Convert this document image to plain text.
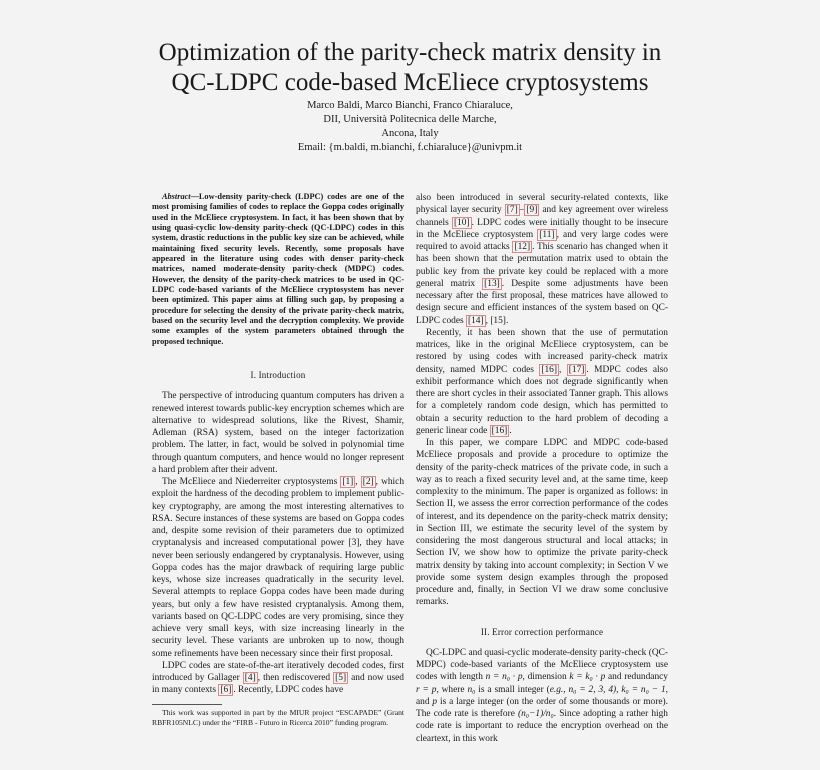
Optimization of the parity-check matrix density in
QC-LDPC code-based McEliece cryptosystems
Marco Baldi, Marco Bianchi, Franco Chiaraluce,
DII, Università Politecnica delle Marche,
Ancona, Italy
Email: {m.baldi, m.bianchi, f.chiaraluce}@univpm.it

Abstract—Low-density parity-check (LDPC) codes are one of the most promising families of codes to replace the Goppa codes originally used in the McEliece cryptosystem. In fact, it has been shown that by using quasi-cyclic low-density parity-check (QC-LDPC) codes in this system, drastic reductions in the public key size can be achieved, while maintaining fixed security levels. Recently, some proposals have appeared in the literature using codes with denser parity-check matrices, named moderate-density parity-check (MDPC) codes. However, the density of the parity-check matrices to be used in QC-LDPC code-based variants of the McEliece cryptosystem has never been optimized. This paper aims at filling such gap, by proposing a procedure for selecting the density of the private parity-check matrix, based on the security level and the decryption complexity. We provide some examples of the system parameters obtained through the proposed technique.

I. Introduction

The perspective of introducing quantum computers has driven a renewed interest towards public-key encryption schemes which are alternative to widespread solutions, like the Rivest, Shamir, Adleman (RSA) system, based on the integer factorization problem. The latter, in fact, would be solved in polynomial time through quantum computers, and hence would no longer represent a hard problem after their advent.

The McEliece and Niederreiter cryptosystems [1] , [2] , which exploit the hardness of the decoding problem to implement public-key cryptography, are among the most interesting alternatives to RSA. Secure instances of these systems are based on Goppa codes and, despite some revision of their parameters due to optimized cryptanalysis and increased computational power [3], they have never been seriously endangered by cryptanalysis. However, using Goppa codes has the major drawback of requiring large public keys, whose size increases quadratically in the security level. Several attempts to replace Goppa codes have been made during years, but only a few have resisted cryptanalysis. Among them, variants based on QC-LDPC codes are very promising, since they achieve very small keys, with size increasing linearly in the security level. These variants are unbroken up to now, though some refinements have been necessary since their first proposal.

LDPC codes are state-of-the-art iteratively decoded codes, first introduced by Gallager [4] , then rediscovered [5] and now used in many contexts [6] . Recently, LDPC codes have

This work was supported in part by the MIUR project “ESCAPADE” (Grant RBFR105NLC) under the “FIRB - Futuro in Ricerca 2010” funding program.

also been introduced in several security-related contexts, like physical layer security [7] – [9] and key agreement over wireless channels [10] . LDPC codes were initially thought to be insecure in the McEliece cryptosystem [11] , and very large codes were required to avoid attacks [12] . This scenario has changed when it has been shown that the permutation matrix used to obtain the public key from the private key could be replaced with a more general matrix [13] . Despite some adjustments have been necessary after the first proposal, these matrices have allowed to design secure and efficient instances of the system based on QC-LDPC codes [14] , [15].

Recently, it has been shown that the use of permutation matrices, like in the original McEliece cryptosystem, can be restored by using codes with increased parity-check matrix density, named MDPC codes [16] , [17] . MDPC codes also exhibit performance which does not degrade significantly when there are short cycles in their associated Tanner graph. This allows for a completely random code design, which has permitted to obtain a security reduction to the hard problem of decoding a generic linear code [16] .

In this paper, we compare LDPC and MDPC code-based McEliece proposals and provide a procedure to optimize the density of the parity-check matrices of the private code, in such a way as to reach a fixed security level and, at the same time, keep complexity to the minimum. The paper is organized as follows: in Section II, we assess the error correction performance of the codes of interest, and its dependence on the parity-check matrix density; in Section III, we estimate the security level of the system by considering the most dangerous structural and local attacks; in Section IV, we show how to optimize the private parity-check matrix density by taking into account complexity; in Section V we provide some system design examples through the proposed procedure and, finally, in Section VI we draw some conclusive remarks.

II. Error correction performance

QC-LDPC and quasi-cyclic moderate-density parity-check (QC-MDPC) code-based variants of the McEliece cryptosystem use codes with length n = n₀ · p, dimension k = k₀ · p and redundancy r = p, where n₀ is a small integer (e.g., n₀ = 2, 3, 4), k₀ = n₀ − 1, and p is a large integer (on the order of some thousands or more). The code rate is therefore (n₀−1)/n₀. Since adopting a rather high code rate is important to reduce the encryption overhead on the cleartext, in this work
